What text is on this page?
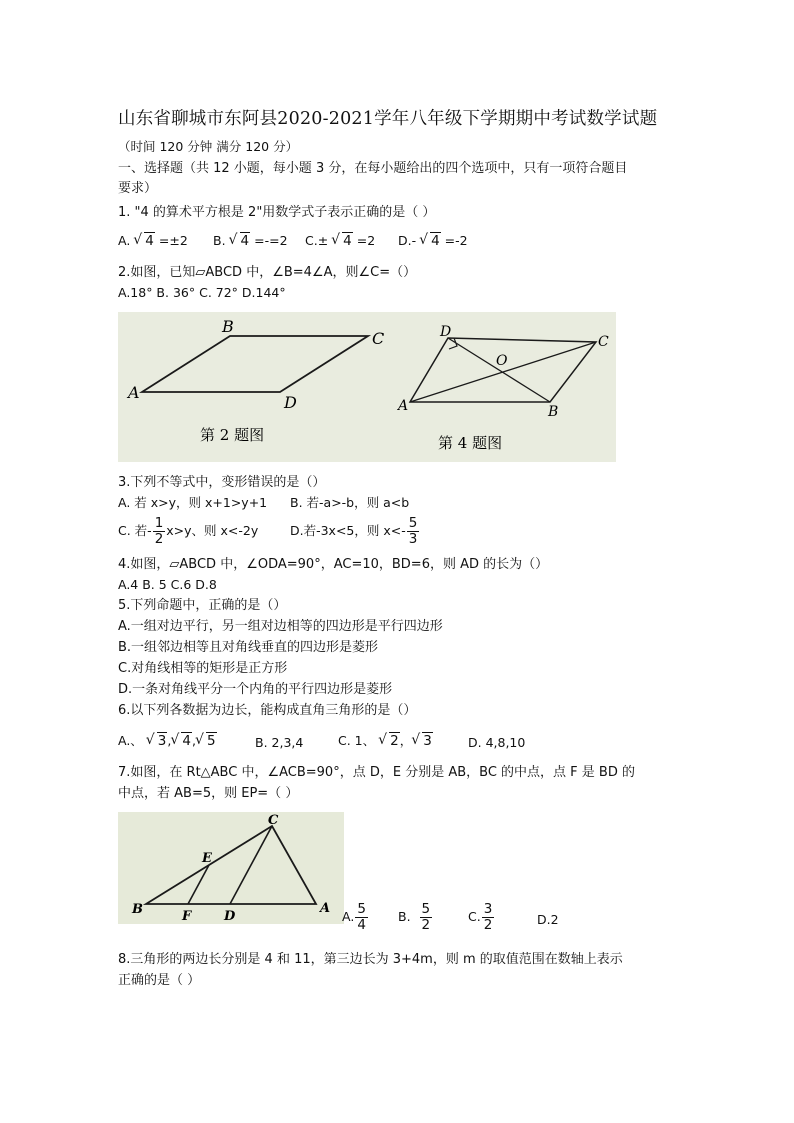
山东省聊城市东阿县2020-2021学年八年级下学期期中考试数学试题
（时间 120 分钟 满分 120 分）
一、选择题（共 12 小题，每小题 3 分，在每小题给出的四个选项中，只有一项符合题目
要求）
1. "4 的算术平方根是 2"用数学式子表示正确的是（ ）
A. √ 4 =±2 B. √ 4 =-=2 C.± √ 4 =2 D.- √ 4 =-2
2.如图，已知▱ABCD 中，∠B=4∠A，则∠C=（）
A.18° B. 36° C. 72° D.144°
A
B
C
D
第 2 题图
D
C
A	B
O
第 4 题图
3.下列不等式中，变形错误的是（）
A. 若 x>y，则 x+1>y+1 B. 若-a>-b，则 a<b
C. 若- $\frac{1}{2} x>y$、则 x<-2y	D.若-3x<5，则 $x<- \frac{5}{3}$
4.如图，▱ABCD 中，∠ODA=90°，AC=10，BD=6，则 AD 的长为（）
A.4 B. 5 C.6 D.8
5.下列命题中，正确的是（）
A.一组对边平行，另一组对边相等的四边形是平行四边形
B.一组邻边相等且对角线垂直的四边形是菱形
C.对角线相等的矩形是正方形
D.一条对角线平分一个内角的平行四边形是菱形
6.以下列各数据为边长，能构成直角三角形的是（）
A.、 √ 3, √ 4, √ 5	B. 2,3,4	C. 1、 √ 2， √ 3	D. 4,8,10
7.如图，在 Rt△ABC 中，∠ACB=90°，点 D，E 分别是 AB，BC 的中点，点 F 是 BD 的
中点，若 AB=5，则 EP=（ ）
B
C
A
E
F	D	A. $\frac{5}{4} B$. $\frac{5}{2}$	C. $\frac{3}{2}$	D.2
8.三角形的两边长分别是 4 和 11，第三边长为 3+4m，则 m 的取值范围在数轴上表示
正确的是（ ）
